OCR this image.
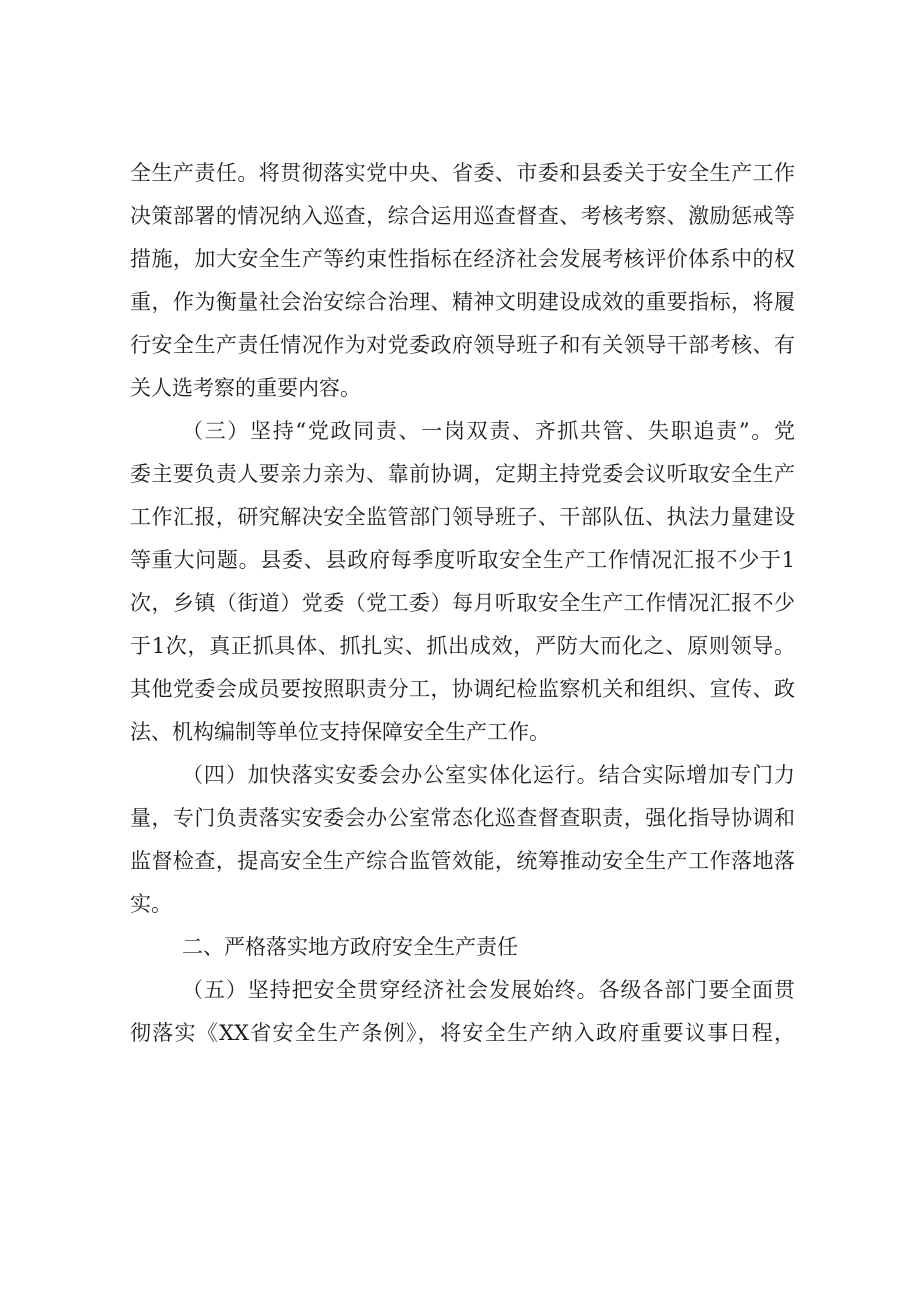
全生产责任。将贯彻落实党中央、省委、市委和县委关于安全生产工作
决策部署的情况纳入巡查，综合运用巡查督查、考核考察、激励惩戒等
措施，加大安全生产等约束性指标在经济社会发展考核评价体系中的权
重，作为衡量社会治安综合治理、精神文明建设成效的重要指标，将履
行安全生产责任情况作为对党委政府领导班子和有关领导干部考核、有
关人选考察的重要内容。
（三）坚持“党政同责、一岗双责、齐抓共管、失职追责”。党
委主要负责人要亲力亲为、靠前协调，定期主持党委会议听取安全生产
工作汇报，研究解决安全监管部门领导班子、干部队伍、执法力量建设
等重大问题。县委、县政府每季度听取安全生产工作情况汇报不少于1
次，乡镇（街道）党委（党工委）每月听取安全生产工作情况汇报不少
于1次，真正抓具体、抓扎实、抓出成效，严防大而化之、原则领导。
其他党委会成员要按照职责分工，协调纪检监察机关和组织、宣传、政
法、机构编制等单位支持保障安全生产工作。
（四）加快落实安委会办公室实体化运行。结合实际增加专门力
量，专门负责落实安委会办公室常态化巡查督查职责，强化指导协调和
监督检查，提高安全生产综合监管效能，统筹推动安全生产工作落地落
实。
二、严格落实地方政府安全生产责任
（五）坚持把安全贯穿经济社会发展始终。各级各部门要全面贯
彻落实《XX省安全生产条例》，将安全生产纳入政府重要议事日程，
